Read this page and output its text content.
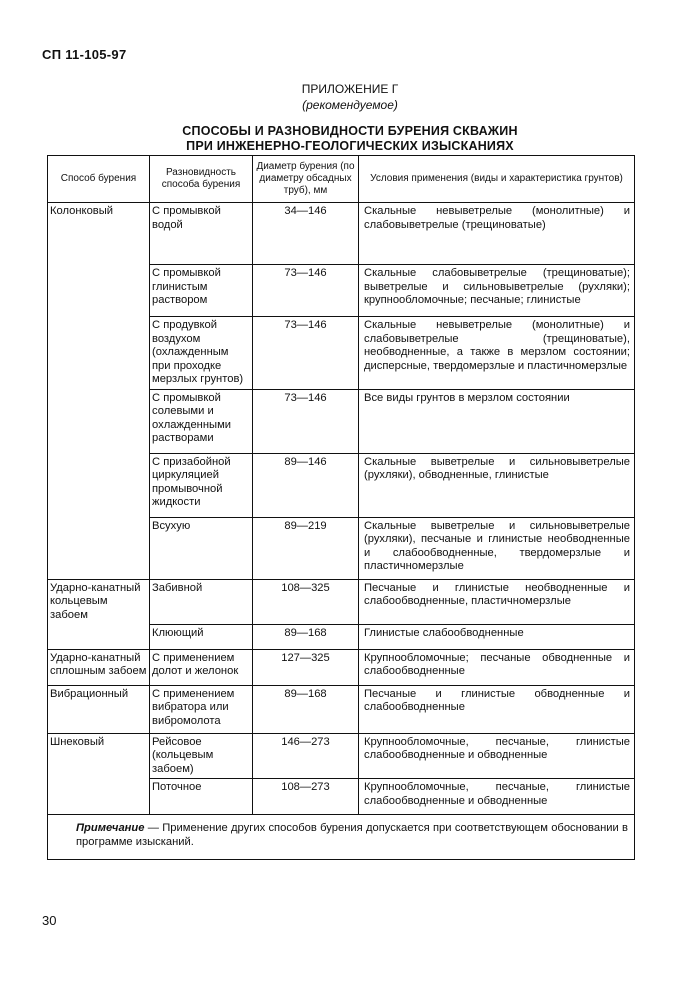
СП 11-105-97
ПРИЛОЖЕНИЕ Г
(рекомендуемое)
СПОСОБЫ И РАЗНОВИДНОСТИ БУРЕНИЯ СКВАЖИН
ПРИ ИНЖЕНЕРНО-ГЕОЛОГИЧЕСКИХ ИЗЫСКАНИЯХ
Способ бурения	Разновидность способа бурения	Диаметр бурения (по диаметру обсадных труб), мм	Условия применения (виды и характеристика грунтов)
Колонковый	С промывкой водой	34—146	Скальные невыветрелые (монолитные) и слабовыветрелые (трещиноватые)
	С промывкой глинистым раствором	73—146	Скальные слабовыветрелые (трещиноватые); выветрелые и сильновыветрелые (рухляки); крупнообломочные; песчаные; глинистые
	С продувкой воздухом (охлажденным при проходке мерзлых грунтов)	73—146	Скальные невыветрелые (монолитные) и слабовыветрелые (трещиноватые), необводненные, а также в мерзлом состоянии; дисперсные, твердомерзлые и пластичномерзлые
	С промывкой солевыми и охлажденными растворами	73—146	Все виды грунтов в мерзлом состоянии
	С призабойной циркуляцией промывочной жидкости	89—146	Скальные выветрелые и сильновыветрелые (рухляки), обводненные, глинистые
	Всухую	89—219	Скальные выветрелые и сильновыветрелые (рухляки), песчаные и глинистые необводненные и слабообводненные, твердомерзлые и пластичномерзлые
Ударно-канатный кольцевым забоем	Забивной	108—325	Песчаные и глинистые необводненные и слабообводненные, пластичномерзлые
	Клюющий	89—168	Глинистые слабообводненные
Ударно-канатный сплошным забоем	С применением долот и желонок	127—325	Крупнообломочные; песчаные обводненные и слабообводненные
Вибрационный	С применением вибратора или вибромолота	89—168	Песчаные и глинистые обводненные и слабообводненные
Шнековый	Рейсовое (кольцевым забоем)	146—273	Крупнообломочные, песчаные, глинистые слабообводненные и обводненные
	Поточное	108—273	Крупнообломочные, песчаные, глинистые слабообводненные и обводненные
Примечание — Применение других способов бурения допускается при соответствующем обосновании в программе изысканий.			
30
